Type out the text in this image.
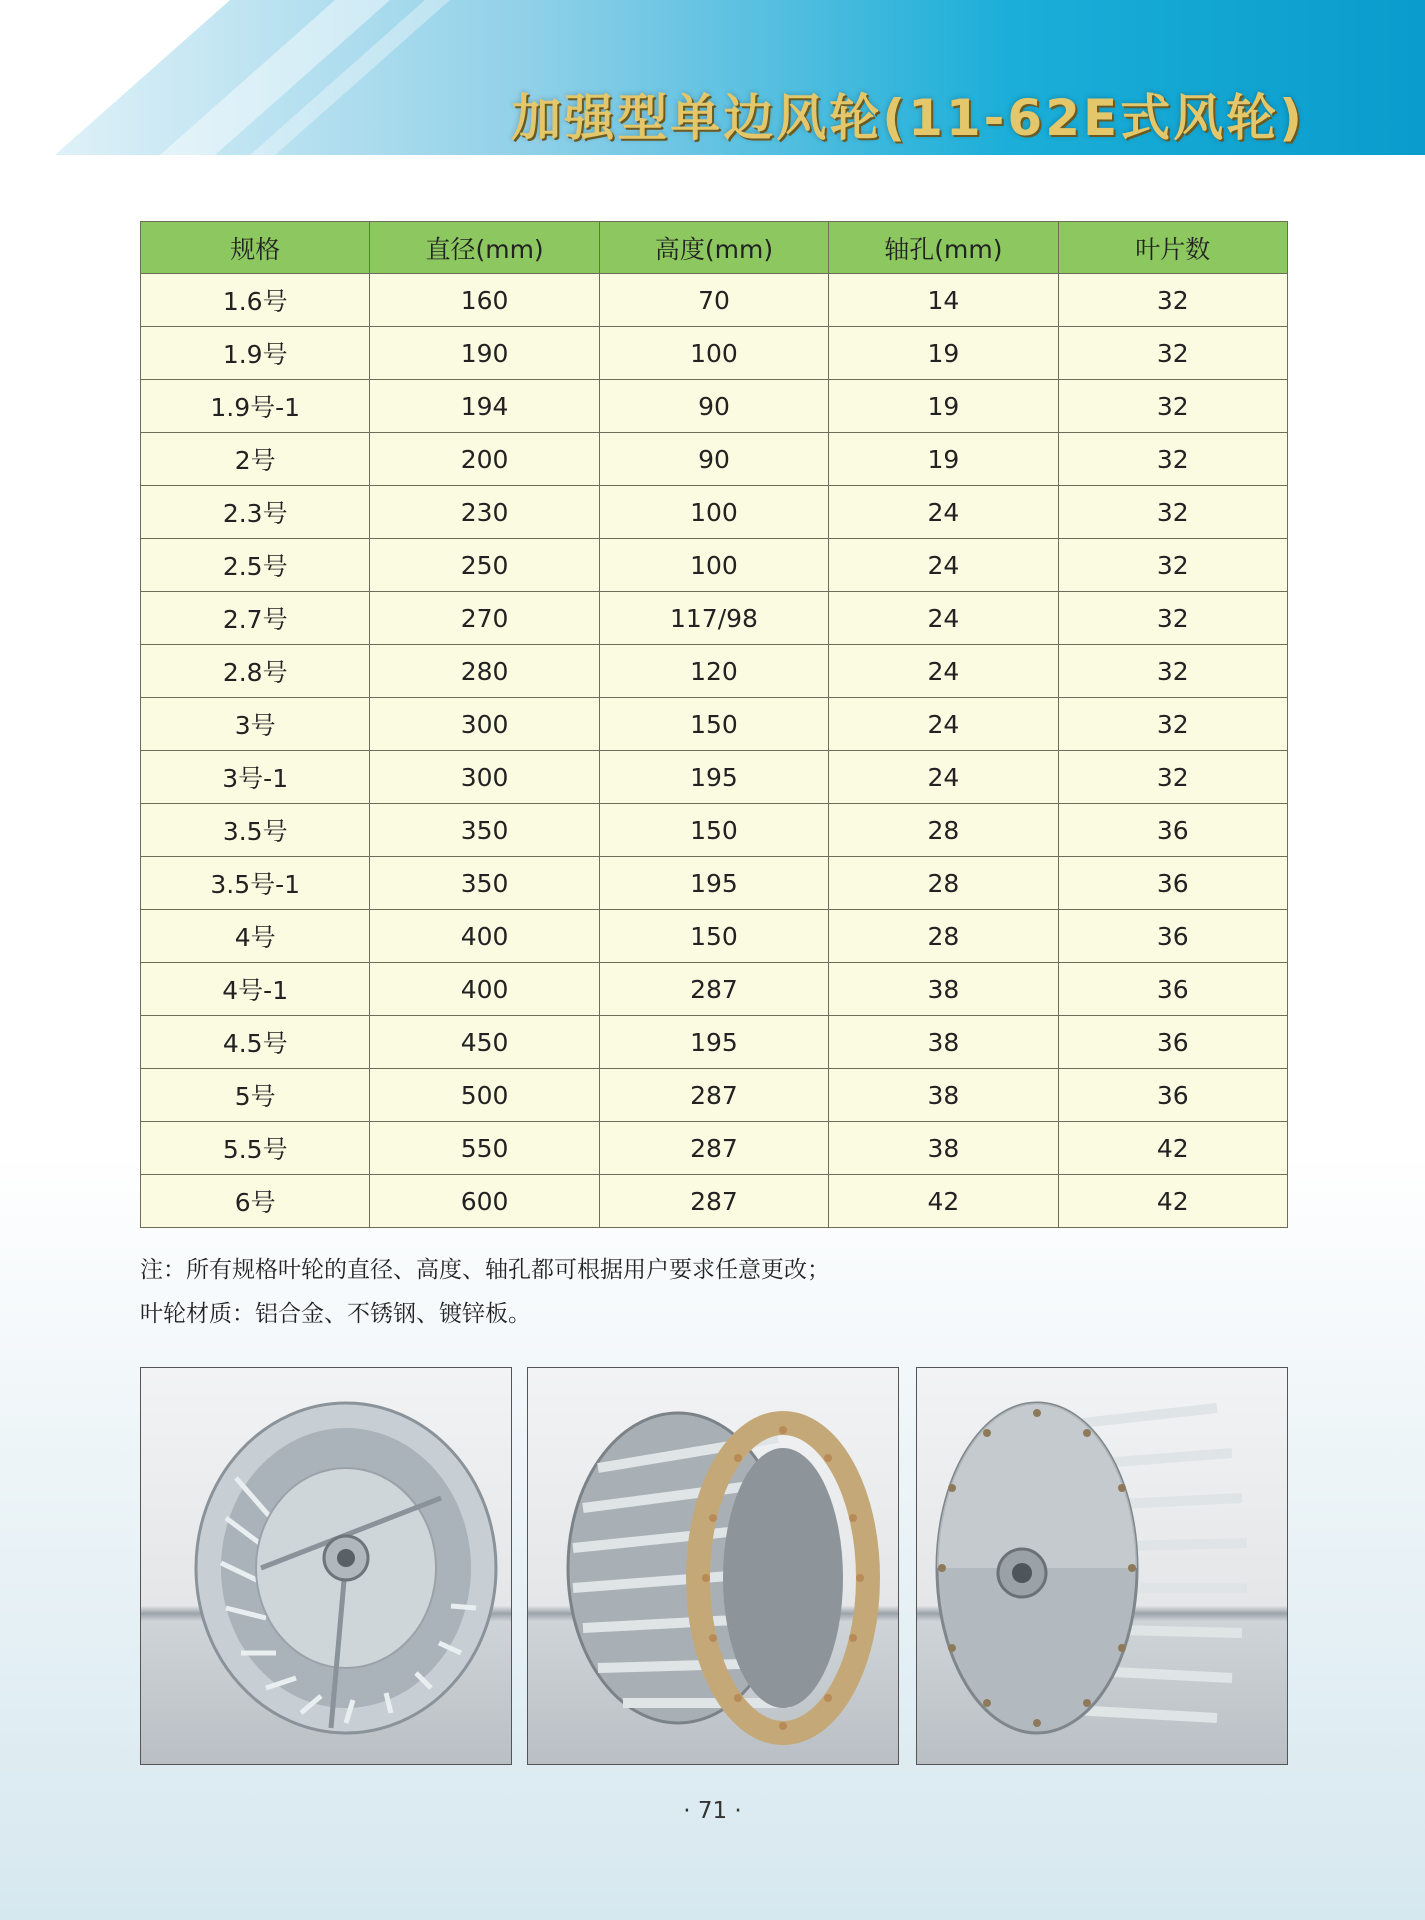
加强型单边风轮(11-62E式风轮)
规格	直径(mm)	高度(mm)	轴孔(mm)	叶片数
1.6号	160	70	14	32
1.9号	190	100	19	32
1.9号-1	194	90	19	32
2号	200	90	19	32
2.3号	230	100	24	32
2.5号	250	100	24	32
2.7号	270	117/98	24	32
2.8号	280	120	24	32
3号	300	150	24	32
3号-1	300	195	24	32
3.5号	350	150	28	36
3.5号-1	350	195	28	36
4号	400	150	28	36
4号-1	400	287	38	36
4.5号	450	195	38	36
5号	500	287	38	36
5.5号	550	287	38	42
6号	600	287	42	42

注：所有规格叶轮的直径、高度、轴孔都可根据用户要求任意更改；

叶轮材质：铝合金、不锈钢、镀锌板。

· 71 ·
